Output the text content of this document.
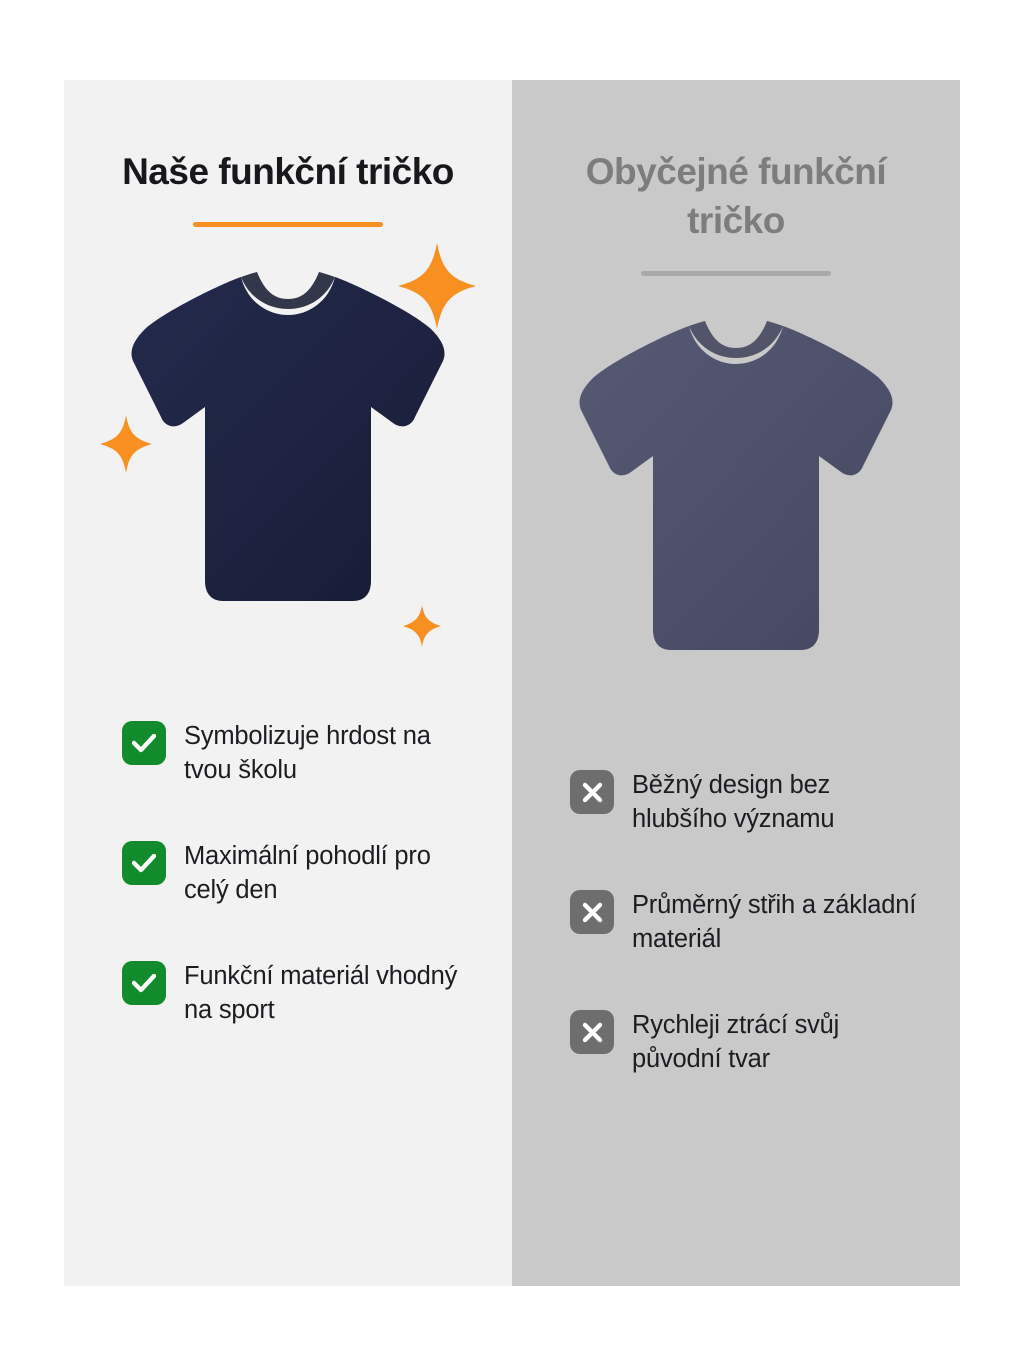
Naše funkční tričko
Symbolizuje hrdost na tvou školu
Maximální pohodlí pro celý den
Funkční materiál vhodný na sport
Obyčejné funkční tričko
Běžný design bez hlubšího významu
Průměrný střih a základní materiál
Rychleji ztrácí svůj původní tvar
